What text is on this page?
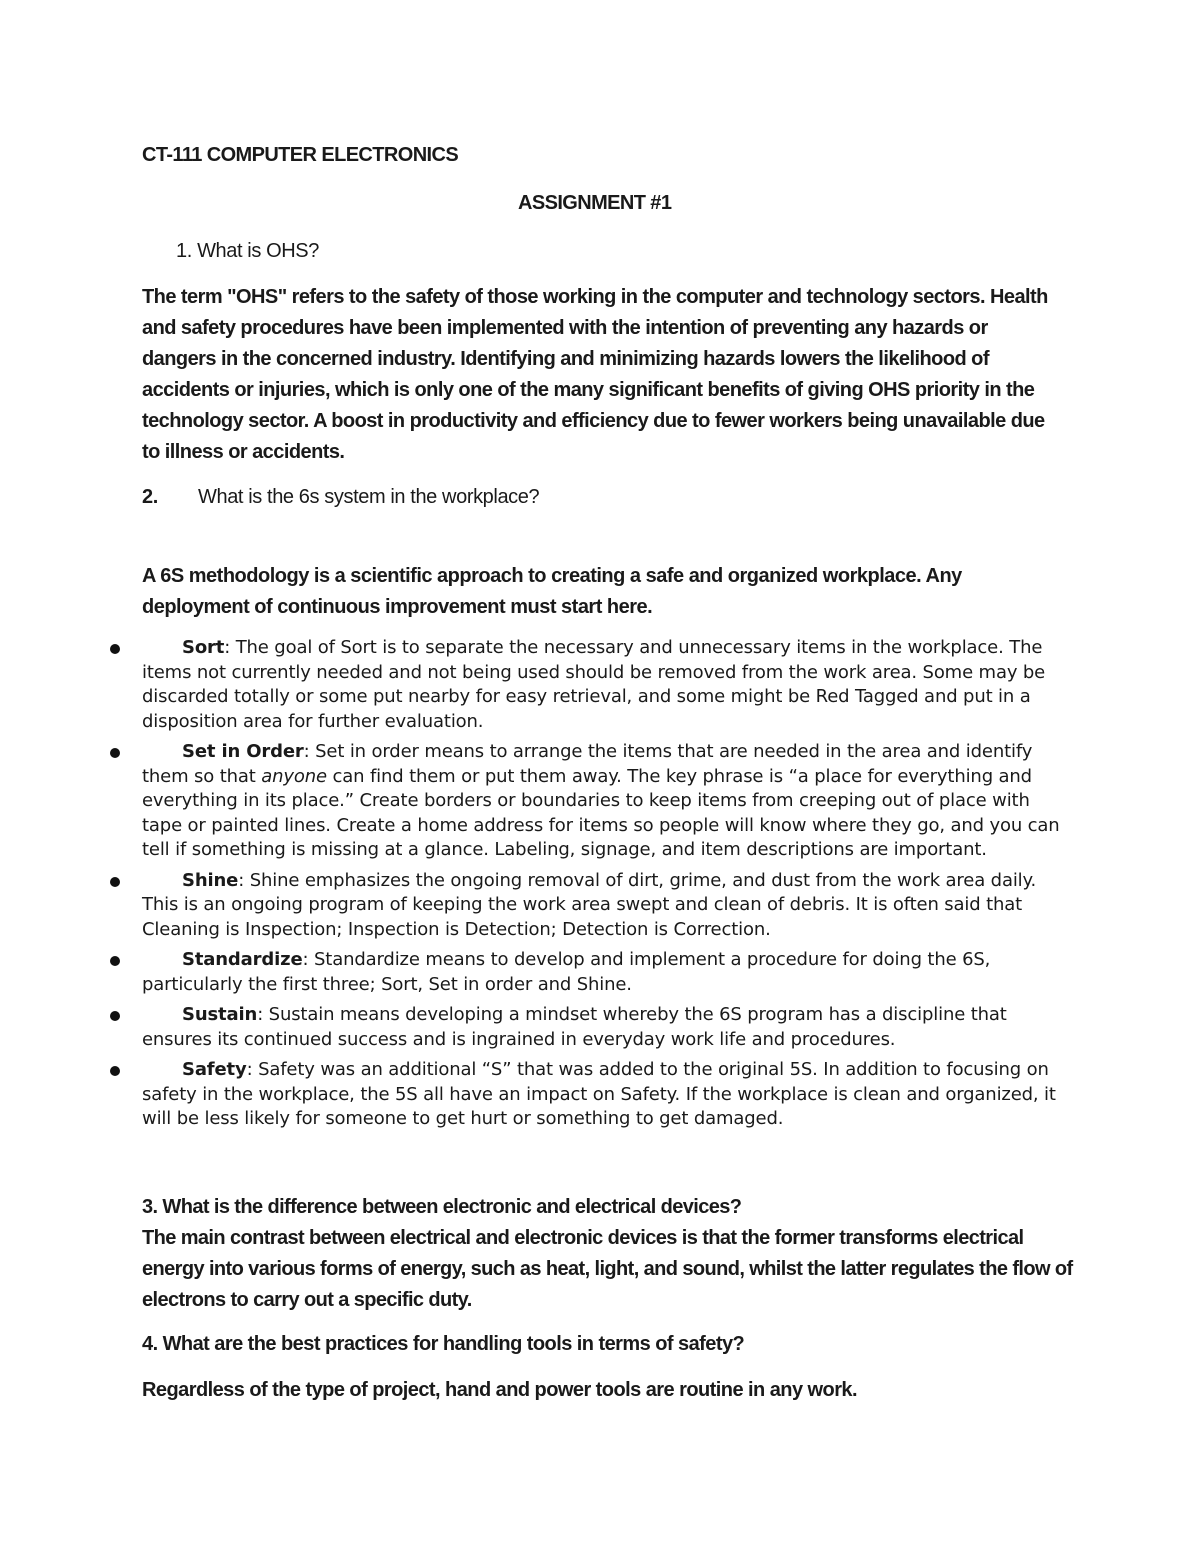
CT-111 COMPUTER ELECTRONICS
ASSIGNMENT #1
1. What is OHS?

The term "OHS" refers to the safety of those working in the computer and technology sectors. Health and safety procedures have been implemented with the intention of preventing any hazards or dangers in the concerned industry. Identifying and minimizing hazards lowers the likelihood of accidents or injuries, which is only one of the many significant benefits of giving OHS priority in the technology sector. A boost in productivity and efficiency due to fewer workers being unavailable due to illness or accidents.

2. What is the 6s system in the workplace?

A 6S methodology is a scientific approach to creating a safe and organized workplace. Any deployment of continuous improvement must start here.

Sort: The goal of Sort is to separate the necessary and unnecessary items in the workplace. The items not currently needed and not being used should be removed from the work area. Some may be discarded totally or some put nearby for easy retrieval, and some might be Red Tagged and put in a disposition area for further evaluation.
Set in Order: Set in order means to arrange the items that are needed in the area and identify them so that anyone can find them or put them away. The key phrase is “a place for everything and everything in its place.” Create borders or boundaries to keep items from creeping out of place with tape or painted lines. Create a home address for items so people will know where they go, and you can tell if something is missing at a glance. Labeling, signage, and item descriptions are important.
Shine: Shine emphasizes the ongoing removal of dirt, grime, and dust from the work area daily. This is an ongoing program of keeping the work area swept and clean of debris. It is often said that Cleaning is Inspection; Inspection is Detection; Detection is Correction.
Standardize: Standardize means to develop and implement a procedure for doing the 6S, particularly the first three; Sort, Set in order and Shine.
Sustain: Sustain means developing a mindset whereby the 6S program has a discipline that ensures its continued success and is ingrained in everyday work life and procedures.
Safety: Safety was an additional “S” that was added to the original 5S. In addition to focusing on safety in the workplace, the 5S all have an impact on Safety. If the workplace is clean and organized, it will be less likely for someone to get hurt or something to get damaged.
3. What is the difference between electronic and electrical devices?
The main contrast between electrical and electronic devices is that the former transforms electrical energy into various forms of energy, such as heat, light, and sound, whilst the latter regulates the flow of electrons to carry out a specific duty.
4. What are the best practices for handling tools in terms of safety?
Regardless of the type of project, hand and power tools are routine in any work.
